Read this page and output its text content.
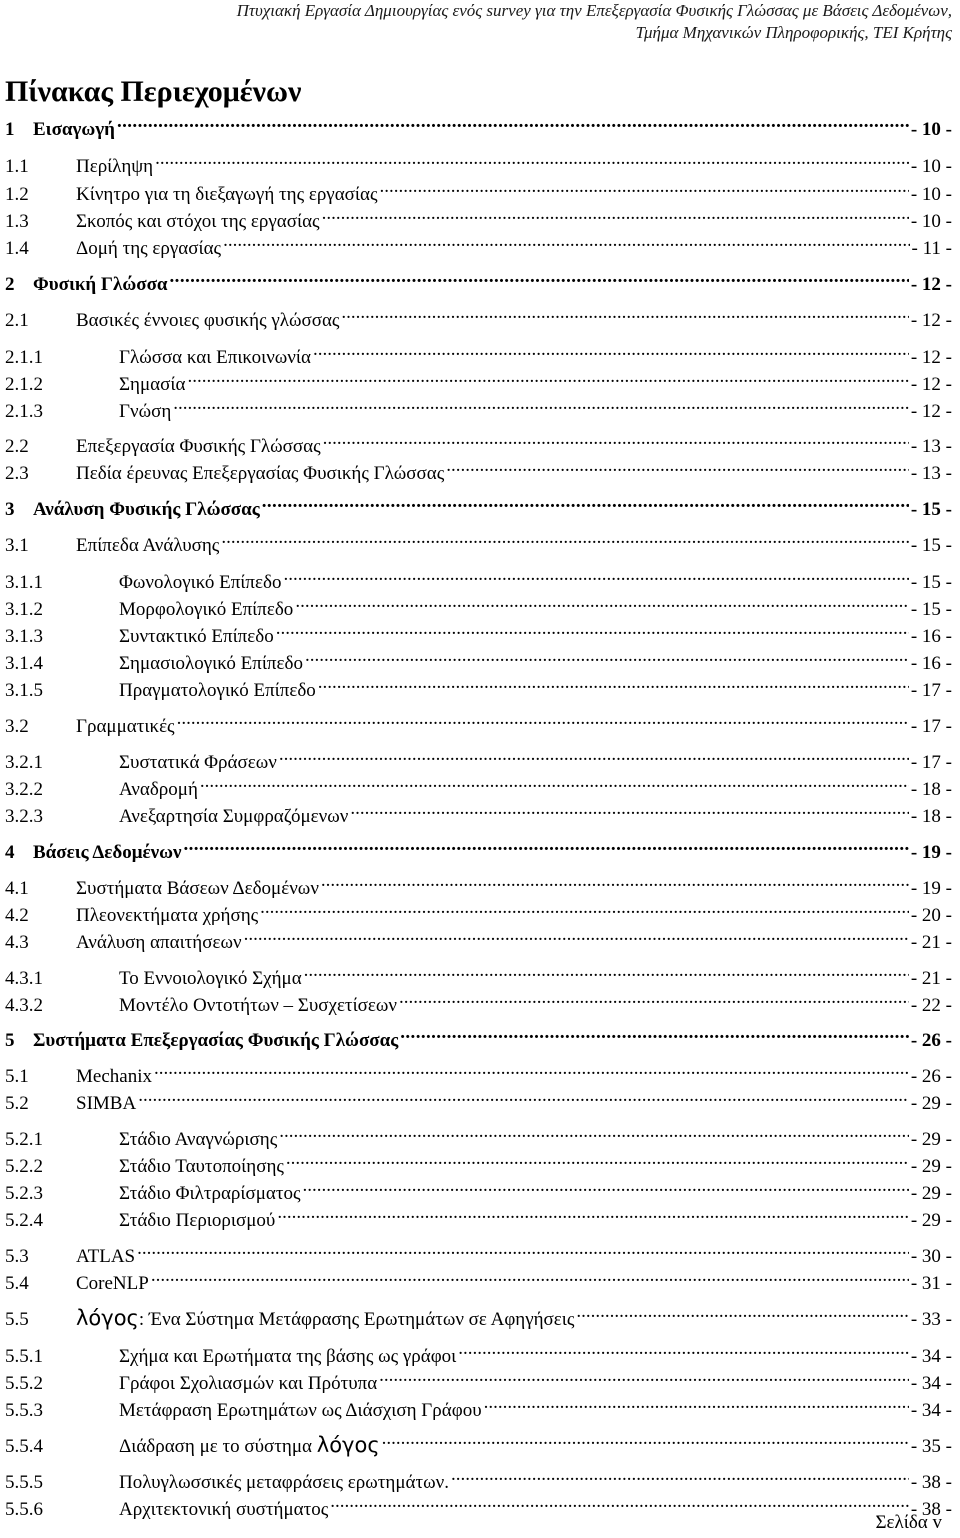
Πτυχιακή Εργασία Δημιουργίας ενός survey για την Επεξεργασία Φυσικής Γλώσσας με Βάσεις Δεδομένων,
Τμήμα Μηχανικών Πληροφορικής, ΤΕΙ Κρήτης
Πίνακας Περιεχομένων
1 Εισαγωγή .....	- 10 -
1.1	Περίληψη .....	- 10 -
1.2	Κίνητρο για τη διεξαγωγή της εργασίας .....	- 10 -
1.3	Σκοπός και στόχοι της εργασίας .....	- 10 -
1.4	Δομή της εργασίας .....	- 11 -
2 Φυσική Γλώσσα .....	- 12 -
2.1	Βασικές έννοιες φυσικής γλώσσας .....	- 12 -
2.1.1	Γλώσσα και Επικοινωνία .....	- 12 -
2.1.2	Σημασία .....	- 12 -
2.1.3	Γνώση .....	- 12 -
2.2	Επεξεργασία Φυσικής Γλώσσας .....	- 13 -
2.3	Πεδία έρευνας Επεξεργασίας Φυσικής Γλώσσας .....	- 13 -
3 Ανάλυση Φυσικής Γλώσσας .....	- 15 -
3.1	Επίπεδα Ανάλυσης .....	- 15 -
3.1.1	Φωνολογικό Επίπεδο .....	- 15 -
3.1.2	Μορφολογικό Επίπεδο .....	- 15 -
3.1.3	Συντακτικό Επίπεδο .....	- 16 -
3.1.4	Σημασιολογικό Επίπεδο .....	- 16 -
3.1.5	Πραγματολογικό Επίπεδο .....	- 17 -
3.2	Γραμματικές .....	- 17 -
3.2.1	Συστατικά Φράσεων .....	- 17 -
3.2.2	Αναδρομή .....	- 18 -
3.2.3	Ανεξαρτησία Συμφραζόμενων .....	- 18 -
4 Βάσεις Δεδομένων .....	- 19 -
4.1	Συστήματα Βάσεων Δεδομένων .....	- 19 -
4.2	Πλεονεκτήματα χρήσης .....	- 20 -
4.3	Ανάλυση απαιτήσεων .....	- 21 -
4.3.1	Το Εννοιολογικό Σχήμα .....	- 21 -
4.3.2	Μοντέλο Οντοτήτων – Συσχετίσεων .....	- 22 -
5 Συστήματα Επεξεργασίας Φυσικής Γλώσσας .....	- 26 -
5.1	Mechanix .....	- 26 -
5.2	SIMBA .....	- 29 -
5.2.1	Στάδιο Αναγνώρισης .....	- 29 -
5.2.2	Στάδιο Ταυτοποίησης .....	- 29 -
5.2.3	Στάδιο Φιλτραρίσματος .....	- 29 -
5.2.4	Στάδιο Περιορισμού .....	- 29 -
5.3	ATLAS .....	- 30 -
5.4	CoreNLP .....	- 31 -
5.5	λόγος: Ένα Σύστημα Μετάφρασης Ερωτημάτων σε Αφηγήσεις .....	- 33 -
5.5.1	Σχήμα και Ερωτήματα της βάσης ως γράφοι .....	- 34 -
5.5.2	Γράφοι Σχολιασμών και Πρότυπα .....	- 34 -
5.5.3	Μετάφραση Ερωτημάτων ως Διάσχιση Γράφου .....	- 34 -
5.5.4	Διάδραση με το σύστημα λόγος .....	- 35 -
5.5.5	Πολυγλωσσικές μεταφράσεις ερωτημάτων. .....	- 38 -
5.5.6	Αρχιτεκτονική συστήματος .....	- 38 -
Σελίδα v
